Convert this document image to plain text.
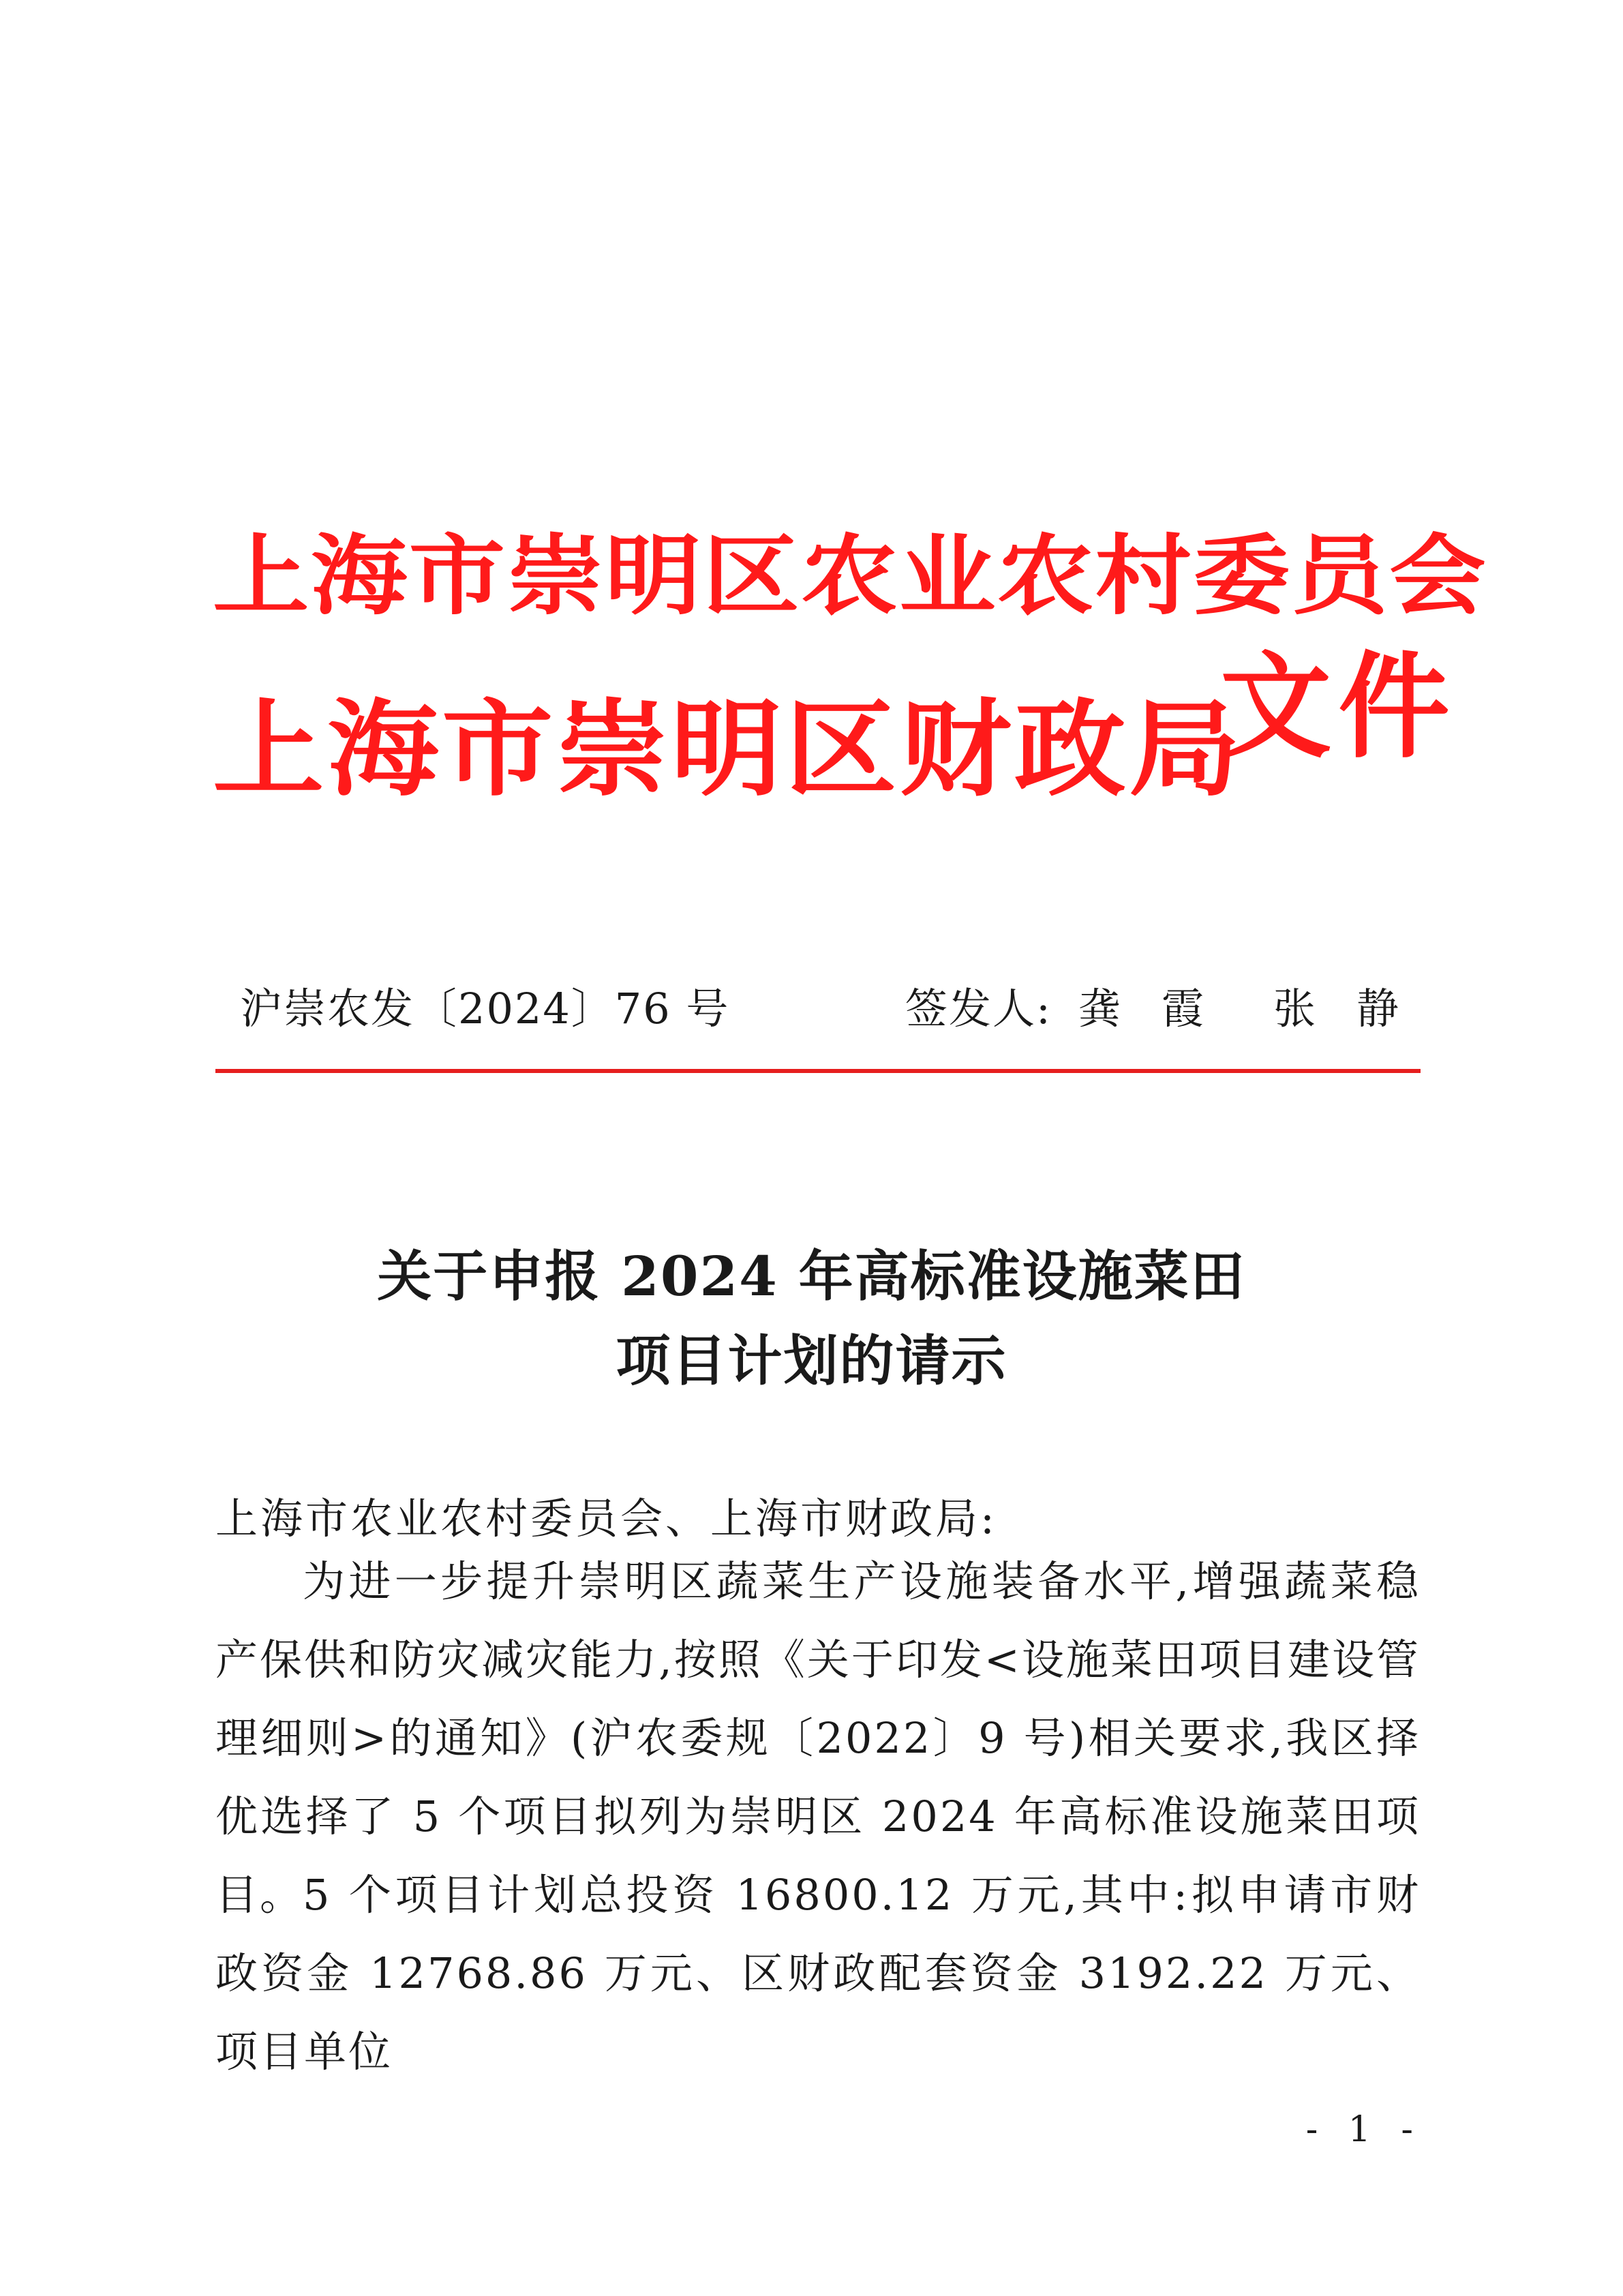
上海市崇明区农业农村委员会
上海市崇明区财政局
文件
沪崇农发〔2024〕76 号	签发人: 龚霞 张静
关于申报 2024 年高标准设施菜田
项目计划的请示
上海市农业农村委员会、上海市财政局:
为进一步提升崇明区蔬菜生产设施装备水平,增强蔬菜稳产保供和防灾减灾能力,按照《关于印发<设施菜田项目建设管理细则>的通知》(沪农委规〔2022〕9 号)相关要求,我区择优选择了 5 个项目拟列为崇明区 2024 年高标准设施菜田项目。
5 个项目计划总投资 16800.12 万元,其中:拟申请市财政资金 12768.86 万元、区财政配套资金 3192.22 万元、项目单位
- 1 -
